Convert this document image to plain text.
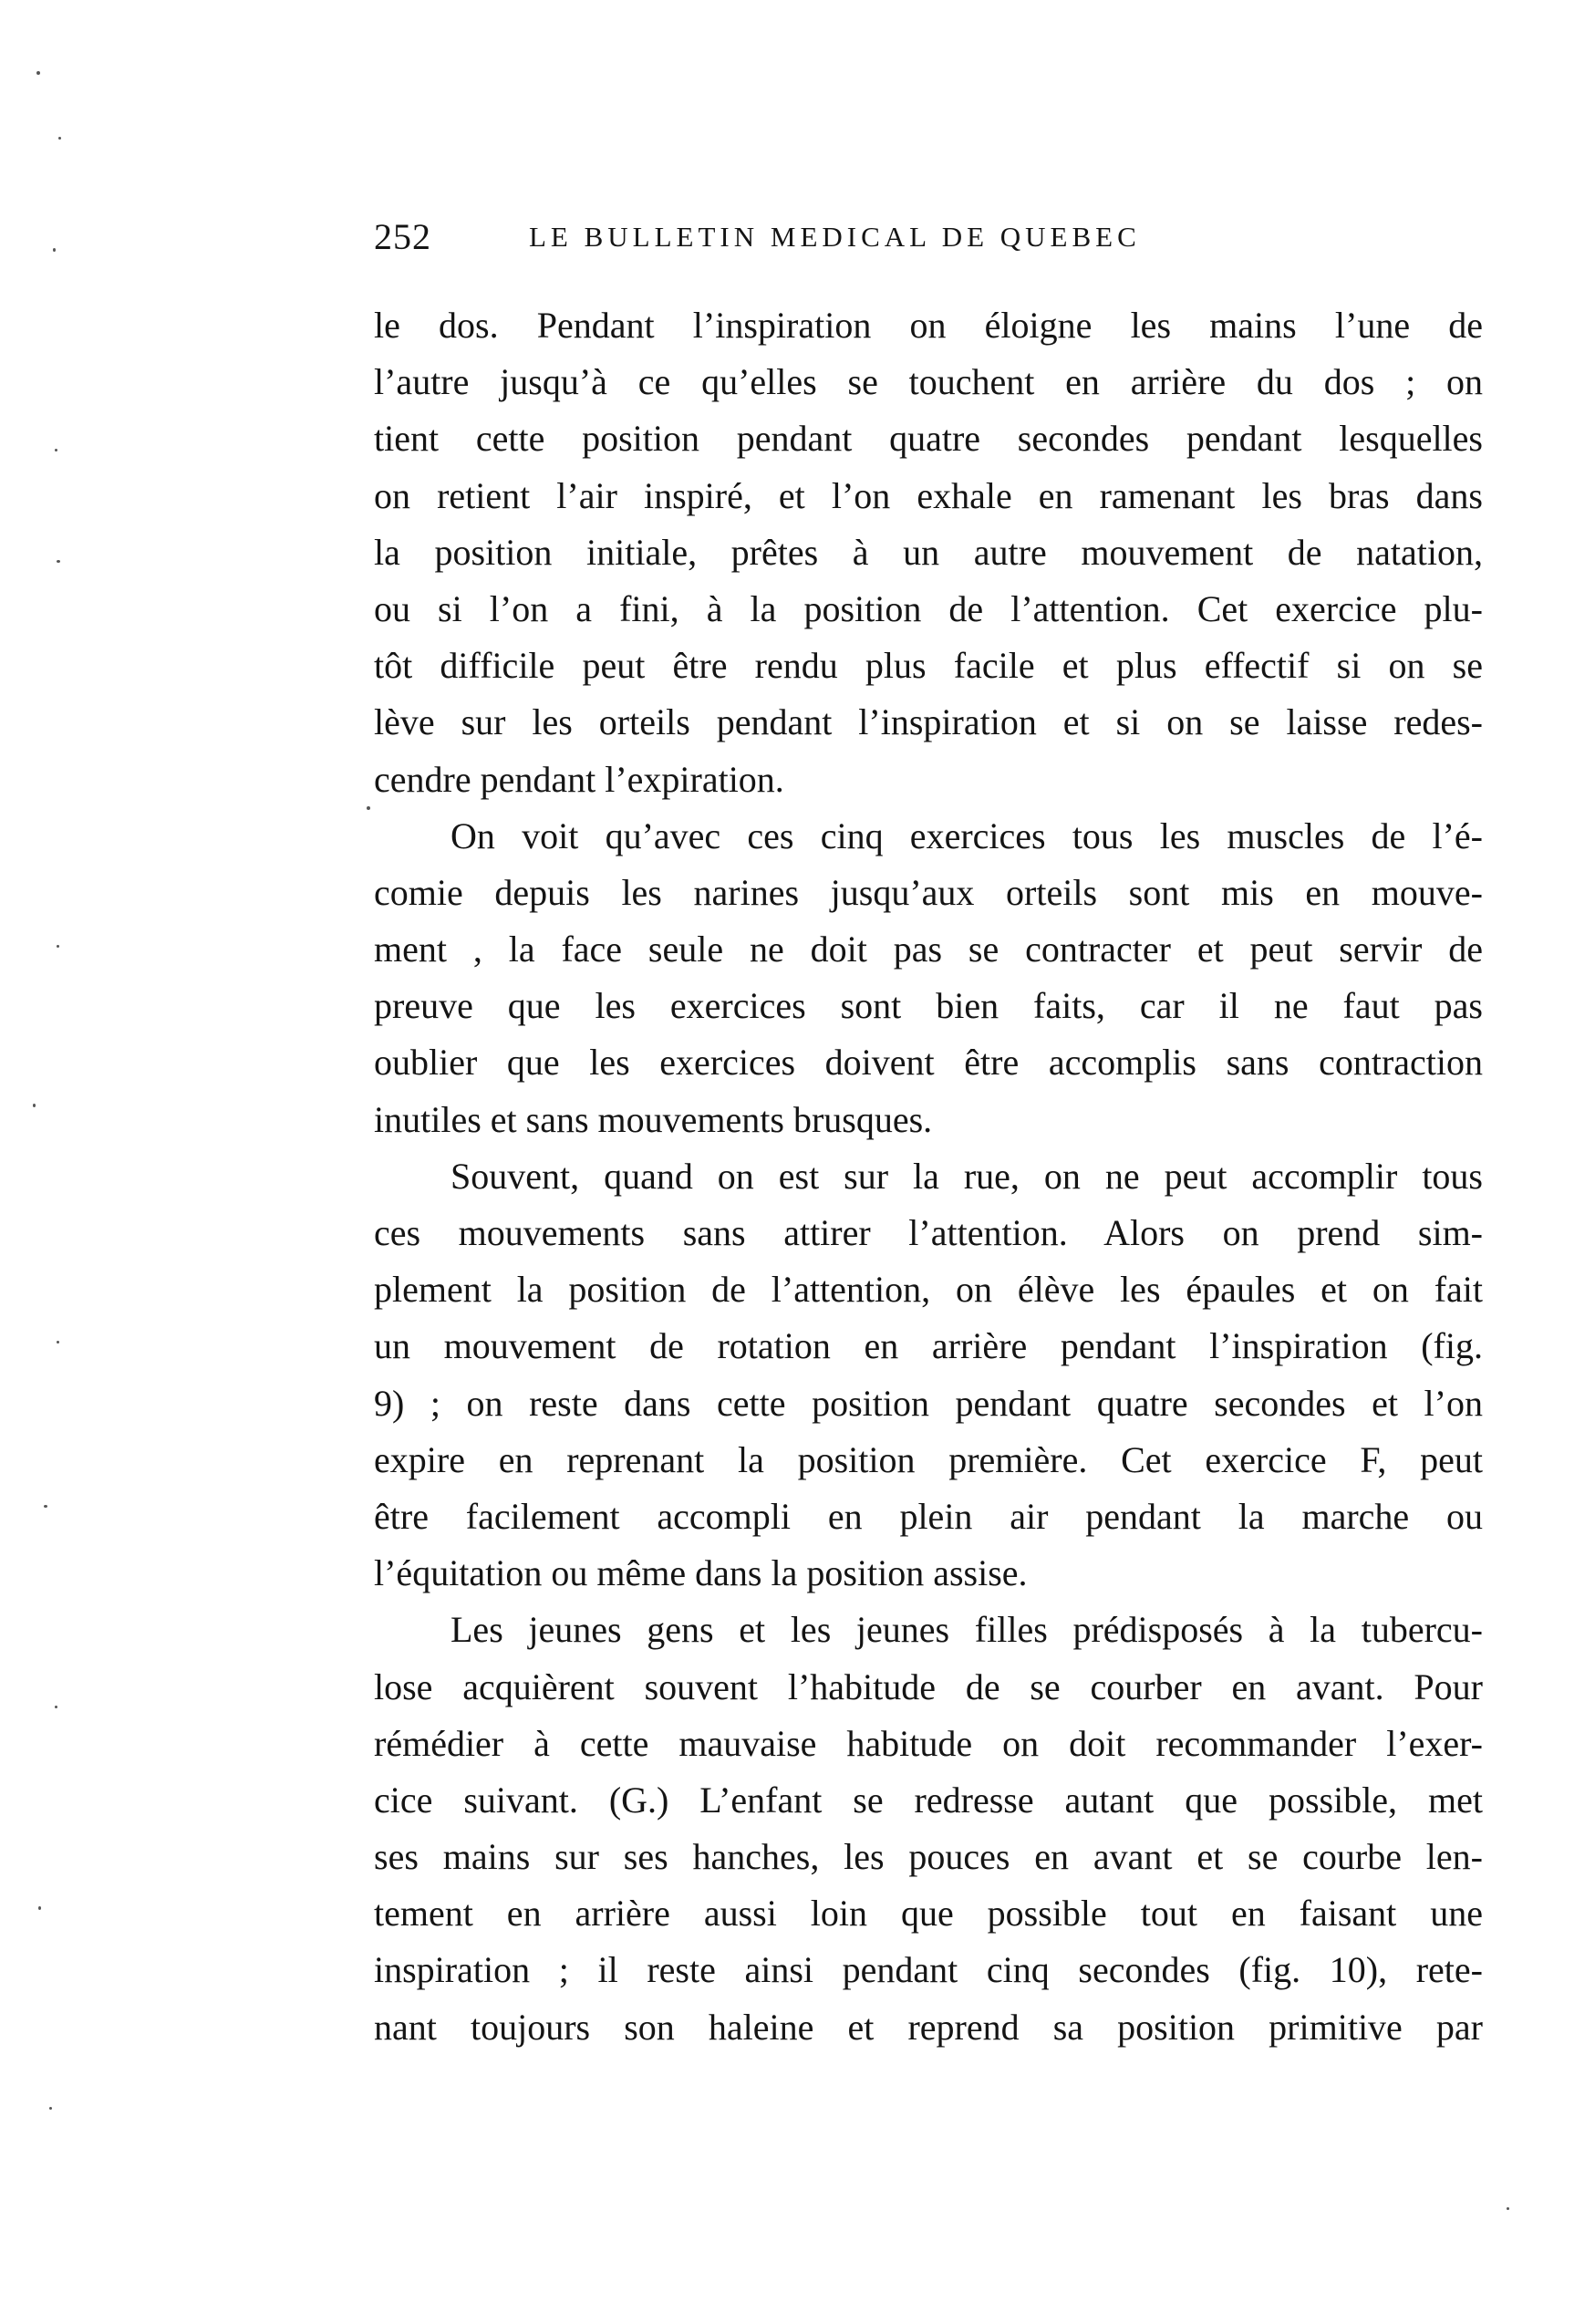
252	LE BULLETIN MEDICAL DE QUEBEC
le dos. Pendant l’inspiration on éloigne les mains l’une de
l’autre jusqu’à ce qu’elles se touchent en arrière du dos ; on
tient cette position pendant quatre secondes pendant lesquelles
on retient l’air inspiré, et l’on exhale en ramenant les bras dans
la position initiale, prêtes à un autre mouvement de natation,
ou si l’on a fini, à la position de l’attention. Cet exercice plu-
tôt difficile peut être rendu plus facile et plus effectif si on se
lève sur les orteils pendant l’inspiration et si on se laisse redes-
cendre pendant l’expiration.
On voit qu’avec ces cinq exercices tous les muscles de l’é-
comie depuis les narines jusqu’aux orteils sont mis en mouve-
ment , la face seule ne doit pas se contracter et peut servir de
preuve que les exercices sont bien faits, car il ne faut pas
oublier que les exercices doivent être accomplis sans contraction
inutiles et sans mouvements brusques.
Souvent, quand on est sur la rue, on ne peut accomplir tous
ces mouvements sans attirer l’attention. Alors on prend sim-
plement la position de l’attention, on élève les épaules et on fait
un mouvement de rotation en arrière pendant l’inspiration (fig.
9) ; on reste dans cette position pendant quatre secondes et l’on
expire en reprenant la position première. Cet exercice F, peut
être facilement accompli en plein air pendant la marche ou
l’équitation ou même dans la position assise.
Les jeunes gens et les jeunes filles prédisposés à la tubercu-
lose acquièrent souvent l’habitude de se courber en avant. Pour
rémédier à cette mauvaise habitude on doit recommander l’exer-
cice suivant. (G.) L’enfant se redresse autant que possible, met
ses mains sur ses hanches, les pouces en avant et se courbe len-
tement en arrière aussi loin que possible tout en faisant une
inspiration ; il reste ainsi pendant cinq secondes (fig. 10), rete-
nant toujours son haleine et reprend sa position primitive par
